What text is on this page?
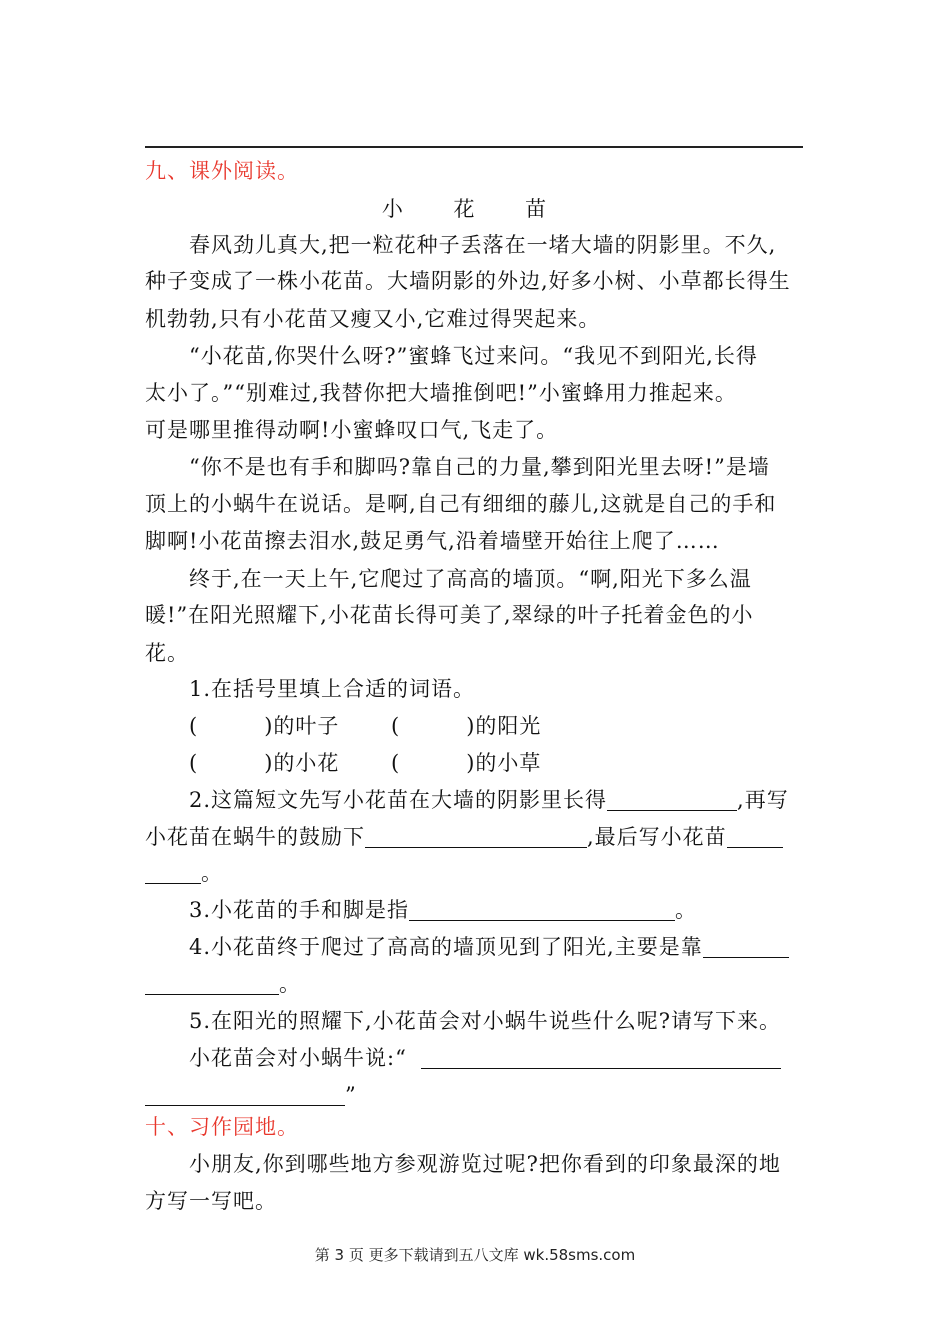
九、课外阅读。
小 花 苗
春风劲儿真大,把一粒花种子丢落在一堵大墙的阴影里。不久,
种子变成了一株小花苗。大墙阴影的外边,好多小树、小草都长得生
机勃勃,只有小花苗又瘦又小,它难过得哭起来。
“小花苗,你哭什么呀?”蜜蜂飞过来问。“我见不到阳光,长得
太小了。”“别难过,我替你把大墙推倒吧!”小蜜蜂用力推起来。
可是哪里推得动啊!小蜜蜂叹口气,飞走了。
“你不是也有手和脚吗?靠自己的力量,攀到阳光里去呀!”是墙
顶上的小蜗牛在说话。是啊,自己有细细的藤儿,这就是自己的手和
脚啊!小花苗擦去泪水,鼓足勇气,沿着墙壁开始往上爬了……
终于,在一天上午,它爬过了高高的墙顶。“啊,阳光下多么温
暖!”在阳光照耀下,小花苗长得可美了,翠绿的叶子托着金色的小
花。
1.在括号里填上合适的词语。
(　　　)的叶子 (　　　)的阳光
(　　　)的小花 (　　　)的小草
2.这篇短文先写小花苗在大墙的阴影里长得	,再写
小花苗在蜗牛的鼓励下	,最后写小花苗
。
3.小花苗的手和脚是指	。
4.小花苗终于爬过了高高的墙顶见到了阳光,主要是靠
。
5.在阳光的照耀下,小花苗会对小蜗牛说些什么呢?请写下来。
小花苗会对小蜗牛说:“
”
十、习作园地。
小朋友,你到哪些地方参观游览过呢?把你看到的印象最深的地
方写一写吧。
第 3 页 更多下载请到五八文库 wk.58sms.com
